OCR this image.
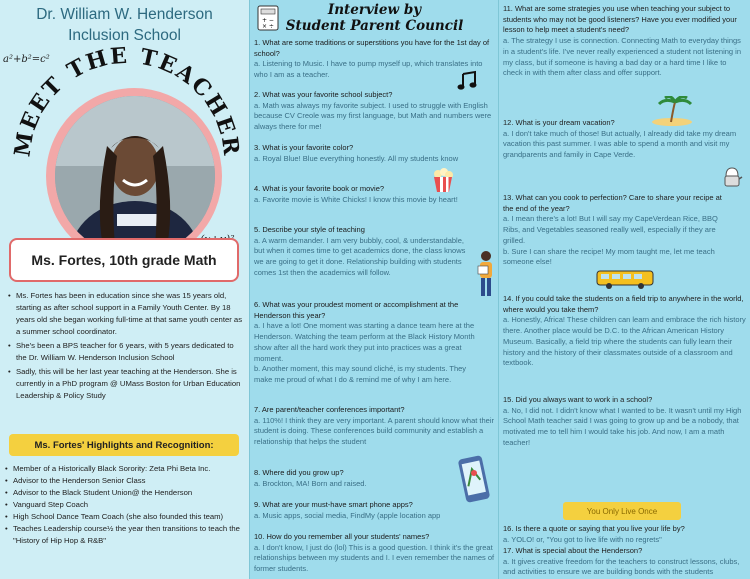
Dr. William W. Henderson
Inclusion School
a²+b²=c²
MEET THE TEACHER
Ms. Fortes, 10th grade Math
• Ms. Fortes has been in education since she was 15 years old, starting as after school support in a Family Youth Center. By 18 years old she began working full-time at that same youth center as a summer school coordinator.
• She's been a BPS teacher for 6 years, with 5 years dedicated to the Dr. William W. Henderson Inclusion School
• Sadly, this will be her last year teaching at the Henderson. She is currently in a PhD program @ UMass Boston for Urban Education Leadership & Policy Study
Ms. Fortes' Highlights and Recognition:
• Member of a Historically Black Sorority: Zeta Phi Beta Inc.
• Advisor to the Henderson Senior Class
• Advisor to the Black Student Union@ the Henderson
• Vanguard Step Coach
• High School Dance Team Coach (she also founded this team)
• Teaches Leadership course½ the year then transitions to teach the "History of Hip Hop & R&B"
+ −
× ÷
Interview by
Student Parent Council
1. What are some traditions or superstitions you have for the 1st day of school?
a. Listening to Music. I have to pump myself up, which translates into who I am as a teacher.
2. What was your favorite school subject?
a. Math was always my favorite subject. I used to struggle with English because CV Creole was my first language, but Math and numbers were always there for me!
3. What is your favorite color?
a. Royal Blue! Blue everything honestly. All my students know
4. What is your favorite book or movie?
a. Favorite movie is White Chicks! I know this movie by heart!
5. Describe your style of teaching
a. A warm demander. I am very bubbly, cool, & understandable, but when it comes time to get academics done, the class knows we are going to get it done. Relationship building with students comes 1st then the academics will follow.
6. What was your proudest moment or accomplishment at the Henderson this year?
a. I have a lot! One moment was starting a dance team here at the Henderson. Watching the team perform at the Black History Month show after all the hard work they put into practices was a great moment.
b. Another moment, this may sound cliché, is my students. They make me proud of what I do & remind me of why I am here.
7. Are parent/teacher conferences important?
a. 110%! I think they are very important. A parent should know what their student is doing. These conferences build community and establish a relationship that helps the student
8. Where did you grow up?
a. Brockton, MA! Born and raised.
9. What are your must-have smart phone apps?
a. Music apps, social media, FindMy (apple location app
10. How do you remember all your students' names?
a. I don't know, I just do (lol) This is a good question. I think it's the great relationships between my students and I. I even remember the names of former students.
11. What are some strategies you use when teaching your subject to students who may not be good listeners? Have you ever modified your lesson to help meet a student's need?
a. The strategy I use is connection. Connecting Math to everyday things in a student's life. I've never really experienced a student not listening in my class, but if someone is having a bad day or a hard time I like to check in with them after class and offer support.
12. What is your dream vacation?
a. I don't take much of those! But actually, I already did take my dream vacation this past summer. I was able to spend a month and visit my grandparents and family in Cape Verde.
13. What can you cook to perfection? Care to share your recipe at the end of the year?
a. I mean there's a lot! But I will say my CapeVerdean Rice, BBQ Ribs, and Vegetables seasoned really well, especially if they are grilled.
b. Sure I can share the recipe! My mom taught me, let me teach someone else!
14. If you could take the students on a field trip to anywhere in the world, where would you take them?
a. Honestly, Africa! These children can learn and embrace the rich history there. Another place would be D.C. to the African American History Museum. Basically, a field trip where the students can fully learn their history and the history of their classmates outside of a classroom and textbook.
15. Did you always want to work in a school?
a. No, I did not. I didn't know what I wanted to be. It wasn't until my High School Math teacher said I was going to grow up and be a nobody, that motivated me to tell him I would take his job. And now, I am a math teacher!
16. Is there a quote or saying that you live your life by?
a. YOLO! or, "You got to live life with no regrets"
17. What is special about the Henderson?
a. It gives creative freedom for the teachers to construct lessons, clubs, and activities to ensure we are building bonds with the students
You Only Live Once
